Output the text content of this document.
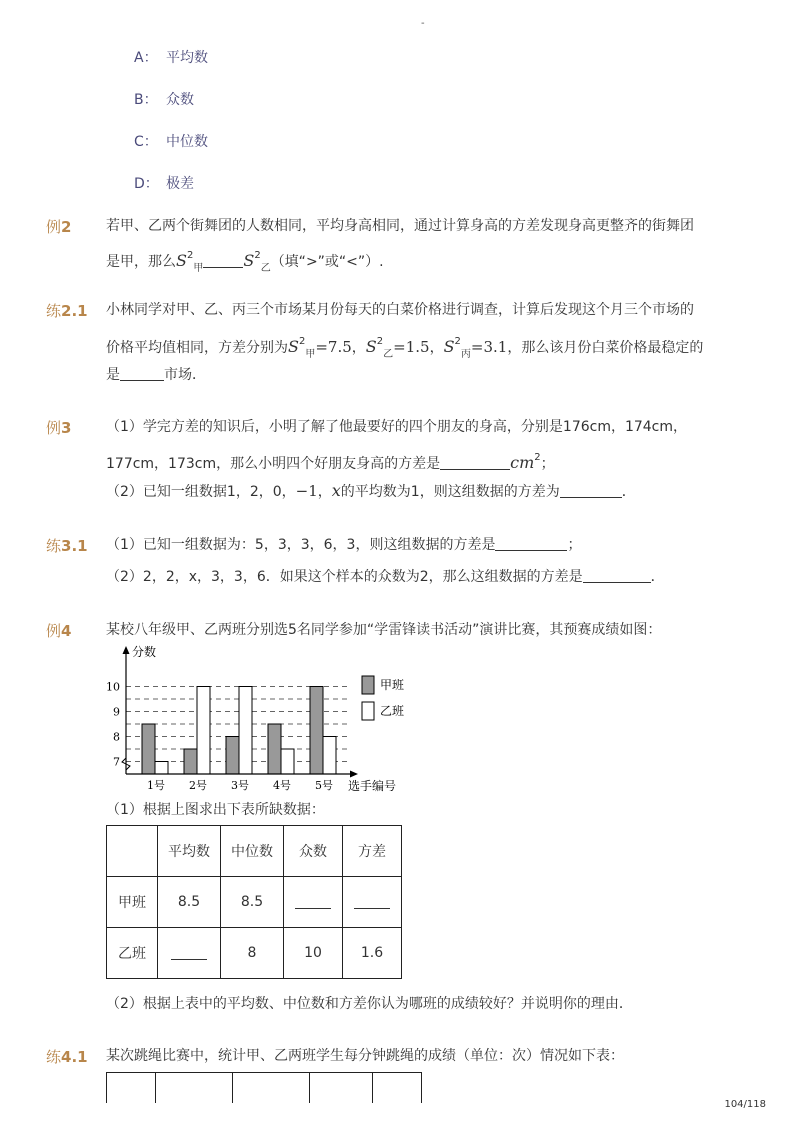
-
A： 平均数
B： 众数
C： 中位数
D： 极差
例2 若甲、乙两个街舞团的人数相同，平均身高相同，通过计算身高的方差发现身高更整齐的街舞团
是甲，那么$S^2_甲$	$S^2_乙$（填“>”或“<”）.
练2.1 小林同学对甲、乙、丙三个市场某月份每天的白菜价格进行调查，计算后发现这个月三个市场的
价格平均值相同，方差分别为$S^2_甲=7.5$，$S^2_乙=1.5$，$S^2_丙=3.1$，那么该月份白菜价格最稳定的
是	市场．
例3 （1）学完方差的知识后，小明了解了他最要好的四个朋友的身高，分别是176cm，174cm，
177cm，173cm，那么小明四个好朋友身高的方差是	$cm^2$；
（2）已知一组数据1，2，0，−1，x的平均数为1，则这组数据的方差为	．
练3.1 （1）已知一组数据为：5，3，3，6，3，则这组数据的方差是	；
（2）2，2，x，3，3，6．如果这个样本的众数为2，那么这组数据的方差是	．
例4 某校八年级甲、乙两班分别选5名同学参加“学雷锋读书活动”演讲比赛，其预赛成绩如图：
分数
选手编号
7
8
9
10
1号 2号 3号 4号 5号
甲班
乙班
（1）根据上图求出下表所缺数据：
	平均数	中位数	众数	方差
甲班	8.5	8.5		
乙班		8	10	1.6
（2）根据上表中的平均数、中位数和方差你认为哪班的成绩较好？并说明你的理由．
练4.1 某次跳绳比赛中，统计甲、乙两班学生每分钟跳绳的成绩（单位：次）情况如下表：

104/118
